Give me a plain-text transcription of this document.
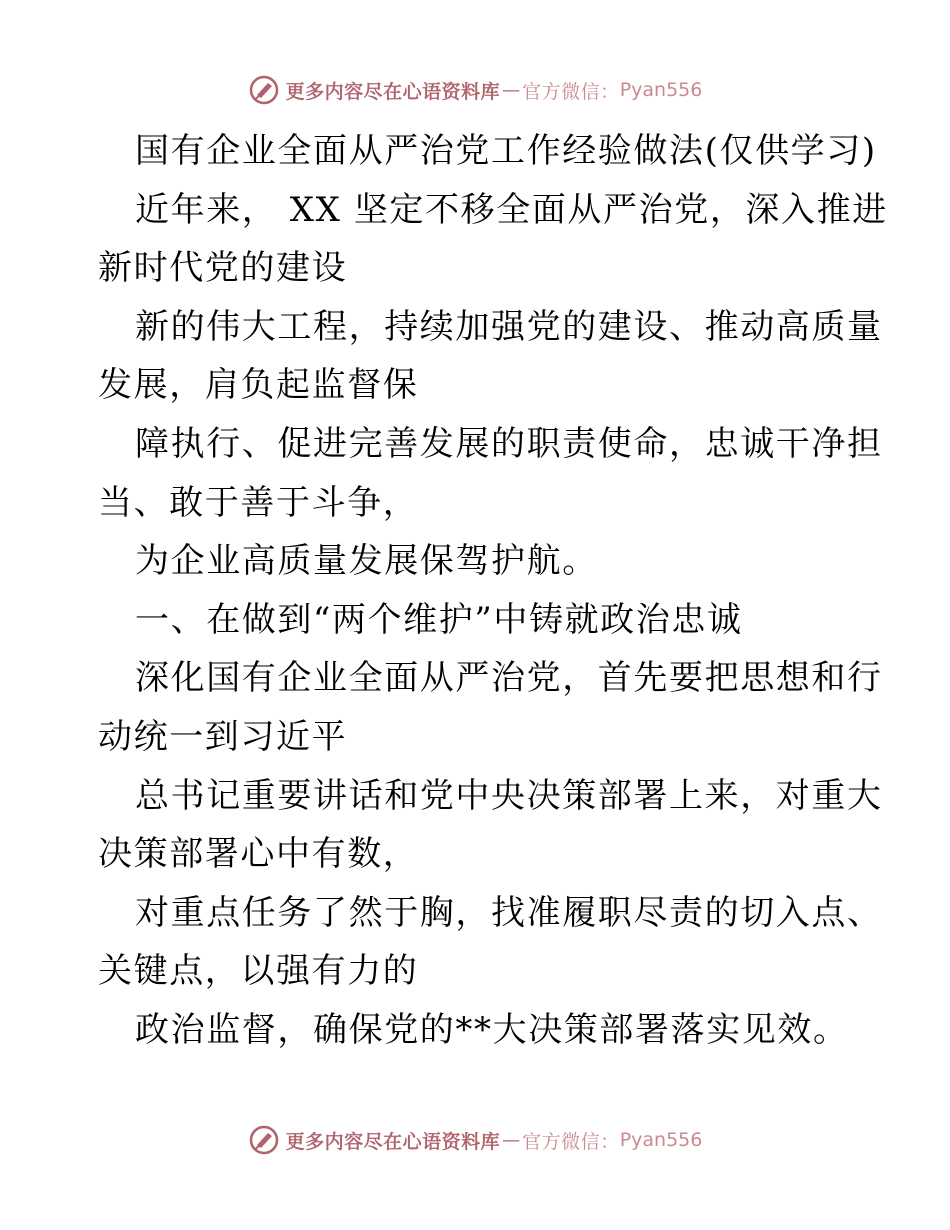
更多内容尽在心语资料库 — 官方微信： Pyan556
国有企业全面从严治党工作经验做法(仅供学习)
近年来， XX 坚定不移全面从严治党，深入推进
新时代党的建设
新的伟大工程，持续加强党的建设、推动高质量
发展，肩负起监督保
障执行、促进完善发展的职责使命，忠诚干净担
当、敢于善于斗争，
为企业高质量发展保驾护航。
一、在做到“两个维护”中铸就政治忠诚
深化国有企业全面从严治党，首先要把思想和行
动统一到习近平
总书记重要讲话和党中央决策部署上来，对重大
决策部署心中有数，
对重点任务了然于胸，找准履职尽责的切入点、
关键点，以强有力的
政治监督，确保党的**大决策部署落实见效。
更多内容尽在心语资料库 — 官方微信： Pyan556
